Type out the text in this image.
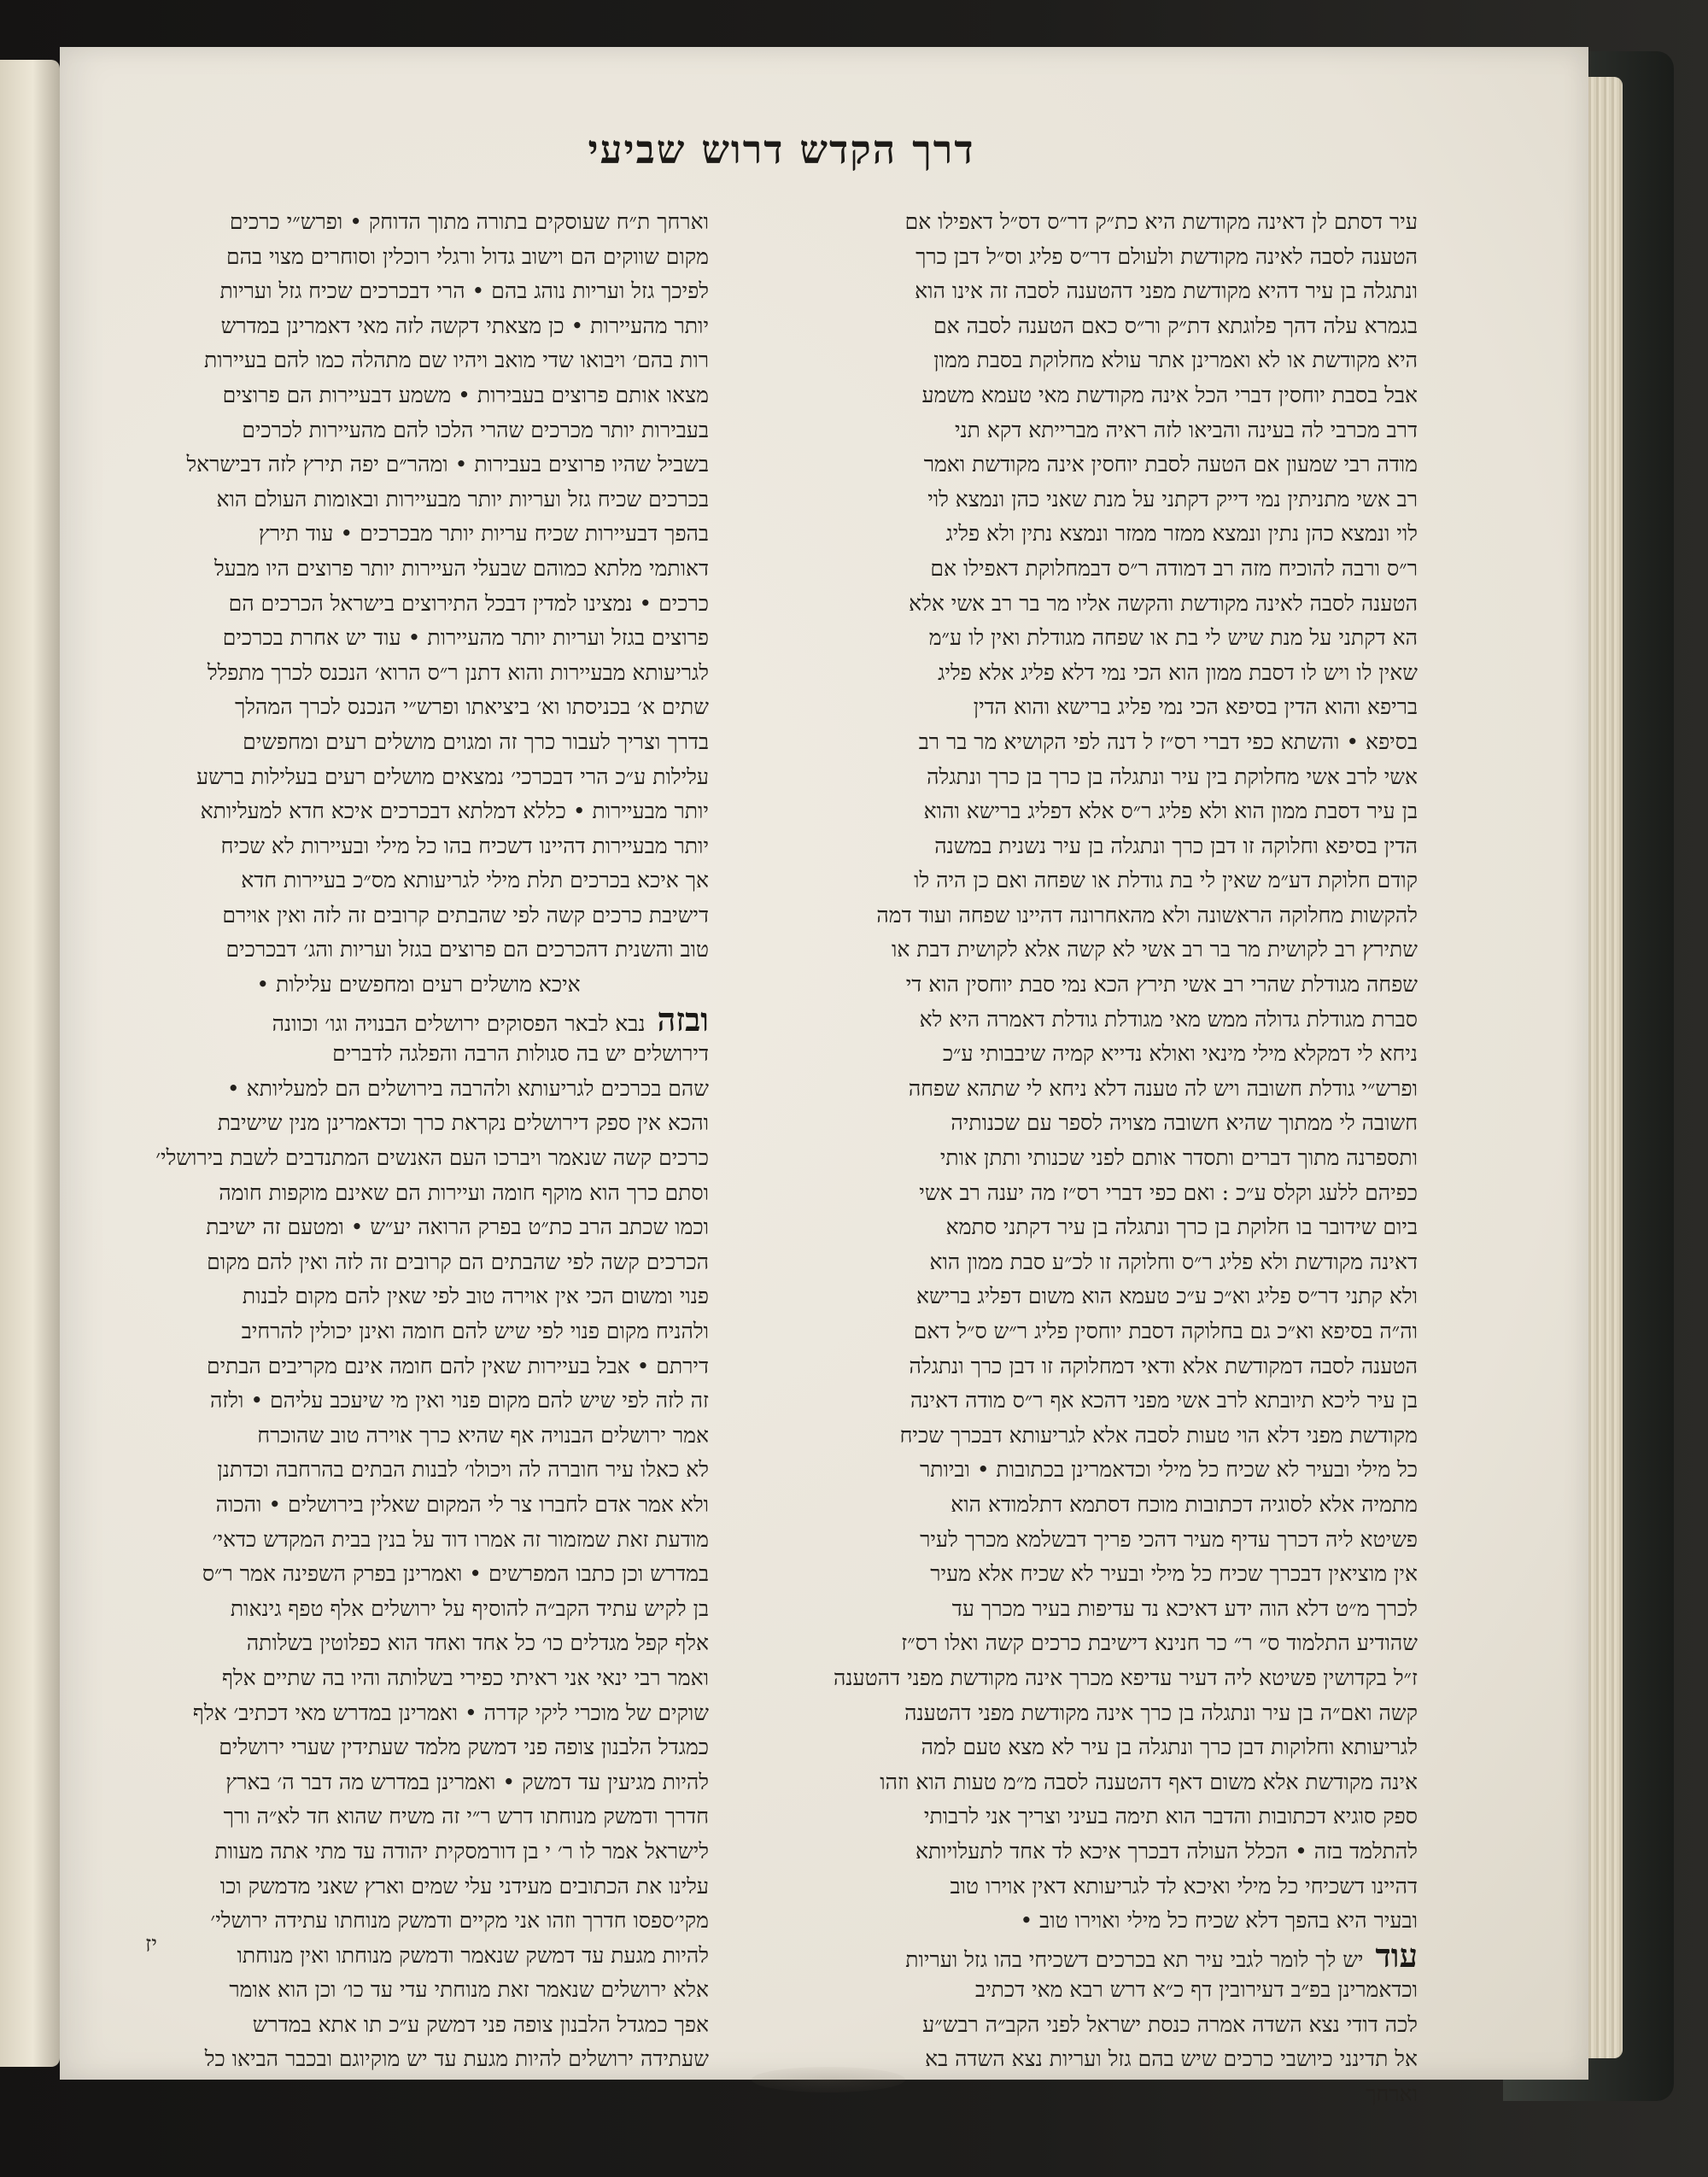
דרך הקדש דרוש שביעי
עיר דסתם לן דאינה מקודשת היא כת״ק דר״ס דס״ל דאפילו אם
הטענה לסבה לאינה מקודשת ולעולם דר״ס פליג וס״ל דבן כרך
ונתגלה בן עיר דהיא מקודשת מפני דהטענה לסבה זה אינו הוא
בגמרא עלה דהך פלוגתא דת״ק ור״ס כאם הטענה לסבה אם
היא מקודשת או לא ואמרינן אתר עולא מחלוקת בסבת ממון
אבל בסבת יוחסין דברי הכל אינה מקודשת מאי טעמא משמע
דרב מכרבי לה בעינה והביאו לזה ראיה מברייתא דקא תני
מודה רבי שמעון אם הטעה לסבת יוחסין אינה מקודשת ואמר
רב אשי מתניתין נמי דייק דקתני על מנת שאני כהן ונמצא לוי
לוי ונמצא כהן נתין ונמצא ממזר ממזר ונמצא נתין ולא פליג
ר״ס ורבה להוכיח מזה רב דמודה ר״ס דבמחלוקת דאפילו אם
הטענה לסבה לאינה מקודשת והקשה אליו מר בר רב אשי אלא
הא דקתני על מנת שיש לי בת או שפחה מגודלת ואין לו ע״מ
שאין לו ויש לו דסבת ממון הוא הכי נמי דלא פליג אלא פליג
בריפא והוא הדין בסיפא הכי נמי פליג ברישא והוא הדין
בסיפא • והשתא כפי דברי רס״ז ל דנה לפי הקושיא מר בר רב
אשי לרב אשי מחלוקת בין עיר ונתגלה בן כרך בן כרך ונתגלה
בן עיר דסבת ממון הוא ולא פליג ר״ס אלא דפליג ברישא והוא
הדין בסיפא וחלוקה זו דבן כרך ונתגלה בן עיר נשנית במשנה
קודם חלוקת דע״מ שאין לי בת גודלת או שפחה ואם כן היה לו
להקשות מחלוקה הראשונה ולא מהאחרונה דהיינו שפחה ועוד דמה
שתירץ רב לקושית מר בר רב אשי לא קשה אלא לקושית דבת או
שפחה מגודלת שהרי רב אשי תירץ הכא נמי סבת יוחסין הוא די
סברת מגודלת גדולה ממש מאי מגודלת גודלת דאמרה היא לא
ניחא לי דמקלא מילי מינאי ואולא נדייא קמיה שיבבותי ע״כ
ופרש״י גודלת חשובה ויש לה טענה דלא ניחא לי שתהא שפחה
חשובה לי ממתוך שהיא חשובה מצויה לספר עם שכנותיה
ותספרנה מתוך דברים ותסדר אותם לפני שכנותי ותתן אותי
כפיהם ללעג וקלס ע״כ : ואם כפי דברי רס״ז מה יענה רב אשי
ביום שידובר בו חלוקת בן כרך ונתגלה בן עיר דקתני סתמא
דאינה מקודשת ולא פליג ר״ס וחלוקה זו לכ״ע סבת ממון הוא
ולא קתני דר״ס פליג וא״כ ע״כ טעמא הוא משום דפליג ברישא
וה״ה בסיפא וא״כ גם בחלוקה דסבת יוחסין פליג ר״ש ס״ל דאם
הטענה לסבה דמקודשת אלא ודאי דמחלוקה זו דבן כרך ונתגלה
בן עיר ליכא תיובתא לרב אשי מפני דהכא אף ר״ס מודה דאינה
מקודשת מפני דלא הוי טעות לסבה אלא לגריעותא דבכרך שכיח
כל מילי ובעיר לא שכיח כל מילי וכדאמרינן בכתובות • וביותר
מתמיה אלא לסוגיה דכתובות מוכח דסתמא דתלמודא הוא
פשיטא ליה דכרך עדיף מעיר דהכי פריך דבשלמא מכרך לעיר
אין מוציאין דבכרך שכיח כל מילי ובעיר לא שכיח אלא מעיר
לכרך מ״ט דלא הוה ידע דאיכא נד עדיפות בעיר מכרך עד
שהודיע התלמוד ס״ ר״ כר חנינא דישיבת כרכים קשה ואלו רס״ז
ז״ל בקדושין פשיטא ליה דעיר עדיפא מכרך אינה מקודשת מפני דהטענה
קשה ואם״ה בן עיר ונתגלה בן כרך אינה מקודשת מפני דהטענה
לגריעותא וחלוקות דבן כרך ונתגלה בן עיר לא מצא טעם למה
אינה מקודשת אלא משום דאף דהטענה לסבה מ״מ טעות הוא וזהו
ספק סוגיא דכתובות והדבר הוא תימה בעיני וצריך אני לרבותי
להתלמד בזה • הכלל העולה דבכרך איכא לד אחד לתעלויותא
דהיינו דשכיחי כל מילי ואיכא לד לגריעותא דאין אוירו טוב
ובעיר היא בהפך דלא שכיח כל מילי ואוירו טוב •
עודיש לך לומר לגבי עיר תא בכרכים דשכיחי בהו גזל ועריות
וכדאמרינן בפ״ב דעירובין דף כ״א דרש רבא מאי דכתיב
לכה דודי נצא השדה אמרה כנסת ישראל לפני הקב״ה רבש״ע
אל תדינני כיושבי כרכים שיש בהם גזל ועריות נצא השדה בא
וארחך
וארחך ת״ח שעוסקים בתורה מתוך הדוחק • ופרש״י כרכים
מקום שווקים הם וישוב גדול ורגלי רוכלין וסוחרים מצוי בהם
לפיכך גזל ועריות נוהג בהם • הרי דבכרכים שכיח גזל ועריות
יותר מהעיירות • כן מצאתי דקשה לזה מאי דאמרינן במדרש
רות בהם׳ ויבואו שדי מואב ויהיו שם מתהלה כמו להם בעיירות
מצאו אותם פרוצים בעבירות • משמע דבעיירות הם פרוצים
בעבירות יותר מכרכים שהרי הלכו להם מהעיירות לכרכים
בשביל שהיו פרוצים בעבירות • ומהר״ם יפה תירץ לזה דבישראל
בכרכים שכיח גזל ועריות יותר מבעיירות ובאומות העולם הוא
בהפך דבעיירות שכיח עריות יותר מבכרכים • עוד תירץ
דאותמי מלתא כמוהם שבעלי העיירות יותר פרוצים היו מבעל
כרכים • נמצינו למדין דבכל התירוצים בישראל הכרכים הם
פרוצים בגזל ועריות יותר מהעיירות • עוד יש אחרת בכרכים
לגריעותא מבעיירות והוא דתנן ר״ס הרוא׳ הנכנס לכרך מתפלל
שתים א׳ בכניסתו וא׳ ביציאתו ופרש״י הנכנס לכרך המהלך
בדרך וצריך לעבור כרך זה ומגוים מושלים רעים ומחפשים
עלילות ע״כ הרי דבכרכי׳ נמצאים מושלים רעים בעלילות ברשע
יותר מבעיירות • כללא דמלתא דבכרכים איכא חדא למעליותא
יותר מבעיירות דהיינו דשכיח בהו כל מילי ובעיירות לא שכיח
אך איכא בכרכים תלת מילי לגריעותא מס״כ בעיירות חדא
דישיבת כרכים קשה לפי שהבתים קרובים זה לזה ואין אוירם
טוב והשנית דהכרכים הם פרוצים בגזל ועריות והג׳ דבכרכים
איכא מושלים רעים ומחפשים עלילות •
ובזהנבא לבאר הפסוקים ירושלים הבנויה וגו׳ וכוונה
דירושלים יש בה סגולות הרבה והפלגה לדברים
שהם בכרכים לגריעותא ולהרבה בירושלים הם למעליותא •
והכא אין ספק דירושלים נקראת כרך וכדאמרינן מנין שישיבת
כרכים קשה שנאמר ויברכו העם האנשים המתנדבים לשבת בירושלי׳
וסתם כרך הוא מוקף חומה ועיירות הם שאינם מוקפות חומה
וכמו שכתב הרב כת״ט בפרק הרואה יע״ש • ומטעם זה ישיבת
הכרכים קשה לפי שהבתים הם קרובים זה לזה ואין להם מקום
פנוי ומשום הכי אין אוירה טוב לפי שאין להם מקום לבנות
ולהניח מקום פנוי לפי שיש להם חומה ואינן יכולין להרחיב
דירתם • אבל בעיירות שאין להם חומה אינם מקריבים הבתים
זה לזה לפי שיש להם מקום פנוי ואין מי שיעכב עליהם • ולזה
אמר ירושלים הבנויה אף שהיא כרך אוירה טוב שהוכרח
לא כאלו עיר חוברה לה ויכולו׳ לבנות הבתים בהרחבה וכדתנן
ולא אמר אדם לחברו צר לי המקום שאלין בירושלים • והכוה
מודעת זאת שמזמור זה אמרו דוד על בנין בבית המקדש כדאי׳
במדרש וכן כתבו המפרשים • ואמרינן בפרק השפינה אמר ר״ס
בן לקיש עתיד הקב״ה להוסיף על ירושלים אלף טפף גינאות
אלף קפל מגדלים כו׳ כל אחד ואחד הוא כפלוטין בשלותה
ואמר רבי ינאי אני ראיתי כפירי בשלותה והיו בה שתיים אלף
שוקים של מוכרי ליקי קדרה • ואמרינן במדרש מאי דכתיב׳ אלף
כמגדל הלבנון צופה פני דמשק מלמד שעתידין שערי ירושלים
להיות מגיעין עד דמשק • ואמרינן במדרש מה דבר ה׳ בארץ
חדרך ודמשק מנוחתו דרש ר״י זה משיח שהוא חד לא״ה ורך
לישראל אמר לו ר׳ י בן דורמסקית יהודה עד מתי אתה מעוות
עלינו את הכתובים מעידני עלי שמים וארץ שאני מדמשק וכו
מקי׳ספסו חדרך וזהו אני מקיים ודמשק מנוחתו עתידה ירושלי׳
להיות מגעת עד דמשק שנאמר ודמשק מנוחתו ואין מנוחתו
אלא ירושלים שנאמר זאת מנוחתי עדי עד כו׳ וכן הוא אומר
אפך כמגדל הלבנון צופה פני דמשק ע״כ תו אתא במדרש
שעתידה ירושלים להיות מגעת עד יש מוקיוגם ובכבר הביאו כל
יז
